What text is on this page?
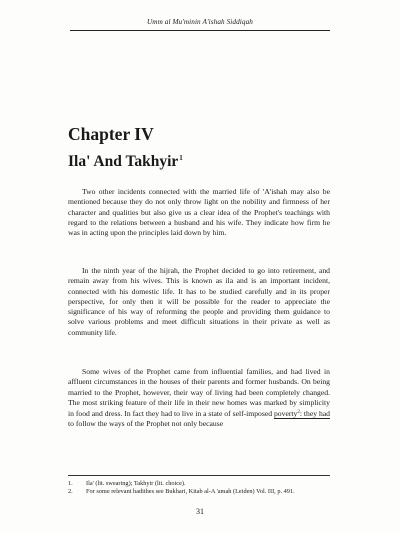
Umm al Mu'minin A'ishah Siddiqah
Chapter IV
Ila' And Takhyir$^1$

Two other incidents connected with the married life of 'A'ishah may also be mentioned because they do not only throw light on the nobility and firmness of her character and qualities but also give us a clear idea of the Prophet's teachings with regard to the relations between a husband and his wife. They indicate how firm he was in acting upon the principles laid down by him.

In the ninth year of the hijrah, the Prophet decided to go into retirement, and remain away from his wives. This is known as ila and is an important incident, connected with his domestic life. It has to be studied carefully and in its proper perspective, for only then it will be possible for the reader to appreciate the significance of his way of reforming the people and providing them guidance to solve various problems and meet difficult situations in their private as well as community life.

Some wives of the Prophet came from influential families, and had lived in affluent circumstances in the houses of their parents and former husbands. On being married to the Prophet, however, their way of living had been completely changed. The most striking feature of their life in their new homes was marked by simplicity in food and dress. In fact they had to live in a state of self-imposed poverty$^2$: they had to follow the ways of the Prophet not only because

1.	Ila' (lit. swearing); Takhyir (lit. choice).
2.	For some relevant hadithes see Bukhari, Kitab al-A 'amah (Leiden) Vol. III, p. 491.
31
